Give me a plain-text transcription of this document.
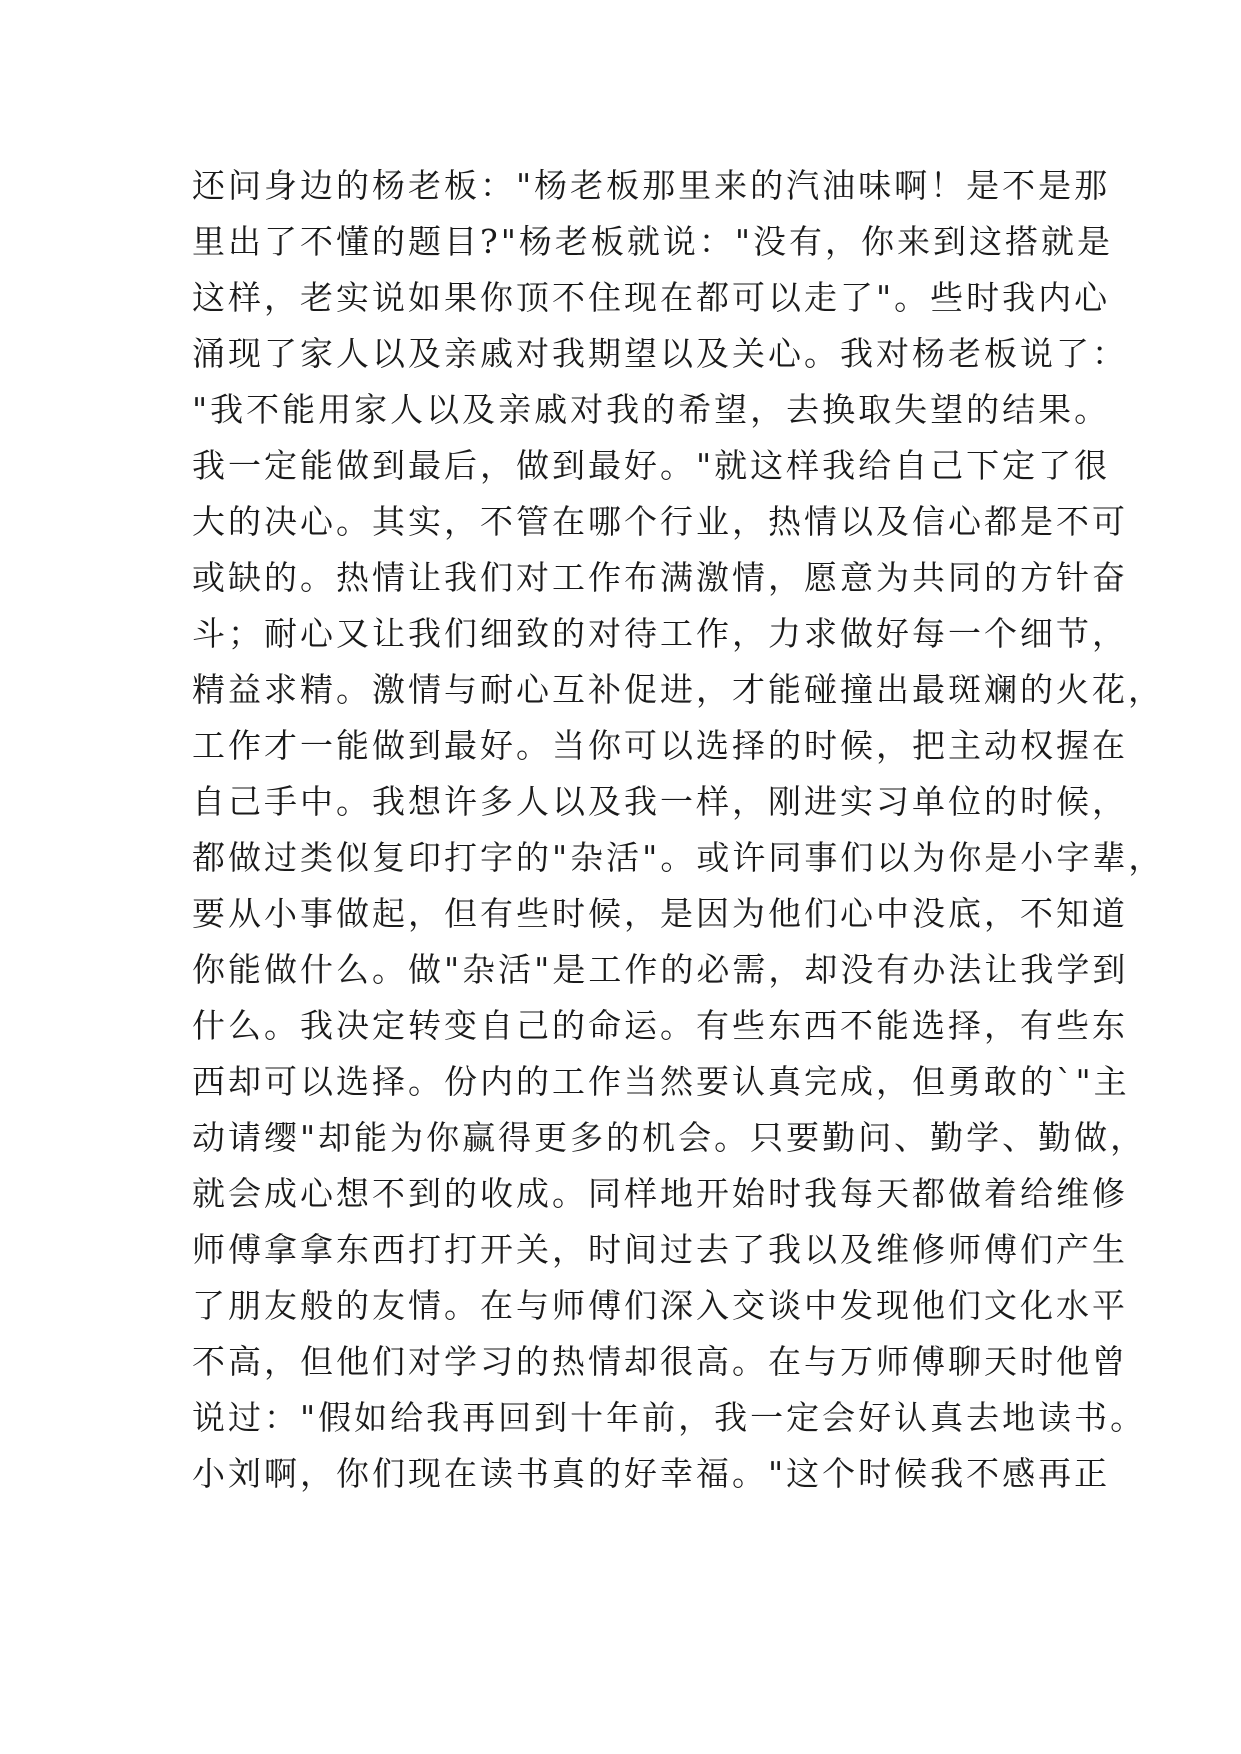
还问身边的杨老板："杨老板那里来的汽油味啊！是不是那
里出了不懂的题目?"杨老板就说："没有，你来到这搭就是
这样，老实说如果你顶不住现在都可以走了"。些时我内心
涌现了家人以及亲戚对我期望以及关心。我对杨老板说了：
"我不能用家人以及亲戚对我的希望，去换取失望的结果。
我一定能做到最后，做到最好。"就这样我给自己下定了很
大的决心。其实，不管在哪个行业，热情以及信心都是不可
或缺的。热情让我们对工作布满激情，愿意为共同的方针奋
斗；耐心又让我们细致的对待工作，力求做好每一个细节，
精益求精。激情与耐心互补促进，才能碰撞出最斑斓的火花，
工作才一能做到最好。当你可以选择的时候，把主动权握在
自己手中。我想许多人以及我一样，刚进实习单位的时候，
都做过类似复印打字的"杂活"。或许同事们以为你是小字辈，
要从小事做起，但有些时候，是因为他们心中没底，不知道
你能做什么。做"杂活"是工作的必需，却没有办法让我学到
什么。我决定转变自己的命运。有些东西不能选择，有些东
西却可以选择。份内的工作当然要认真完成，但勇敢的`"主
动请缨"却能为你赢得更多的机会。只要勤问、勤学、勤做，
就会成心想不到的收成。同样地开始时我每天都做着给维修
师傅拿拿东西打打开关，时间过去了我以及维修师傅们产生
了朋友般的友情。在与师傅们深入交谈中发现他们文化水平
不高，但他们对学习的热情却很高。在与万师傅聊天时他曾
说过："假如给我再回到十年前，我一定会好认真去地读书。
小刘啊，你们现在读书真的好幸福。"这个时候我不感再正
